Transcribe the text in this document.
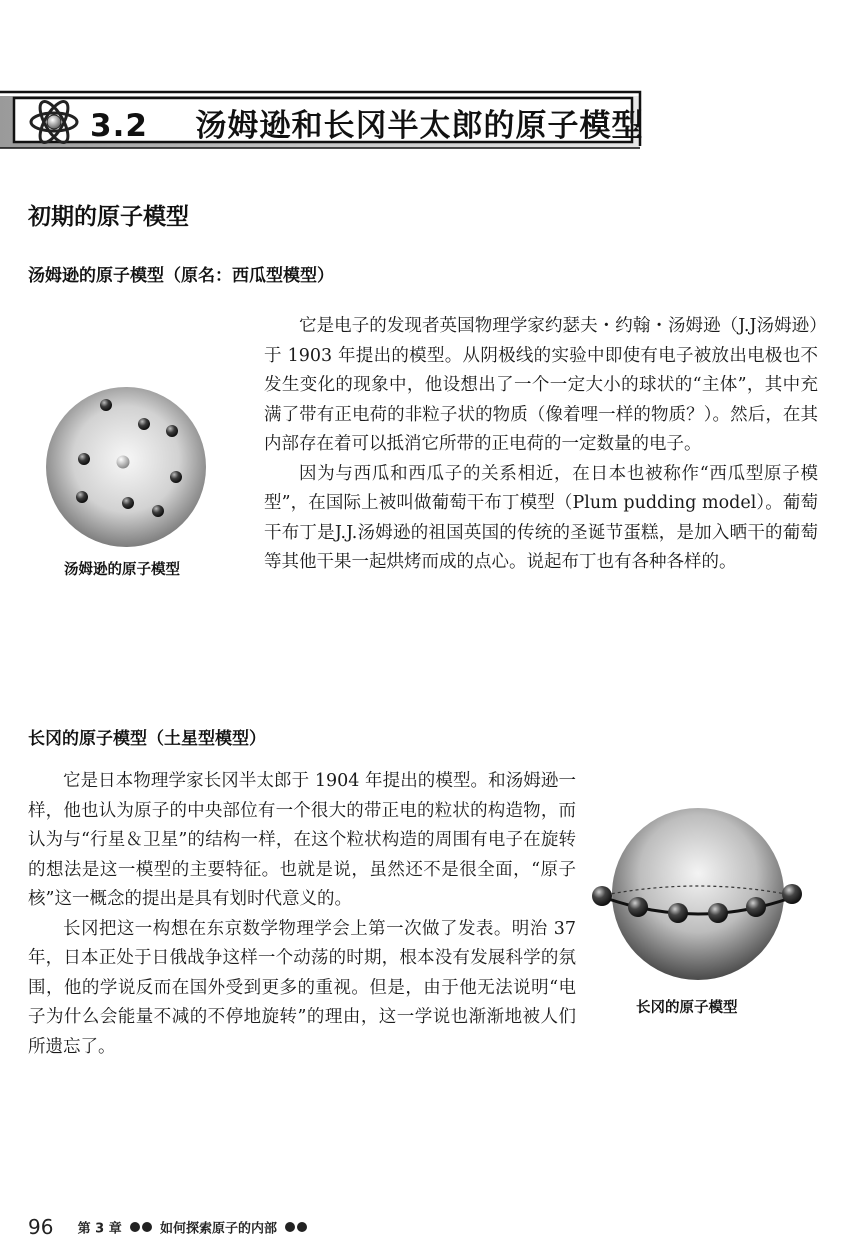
3.2 汤姆逊和长冈半太郎的原子模型
初期的原子模型
汤姆逊的原子模型（原名：西瓜型模型）
汤姆逊的原子模型

它是电子的发现者英国物理学家约瑟夫・约翰・汤姆逊（J.J汤姆逊）于 1903 年提出的模型。从阴极线的实验中即使有电子被放出电极也不发生变化的现象中，他设想出了一个一定大小的球状的“主体”，其中充满了带有正电荷的非粒子状的物质（像着哩一样的物质？）。然后，在其内部存在着可以抵消它所带的正电荷的一定数量的电子。

因为与西瓜和西瓜子的关系相近，在日本也被称作“西瓜型原子模型”，在国际上被叫做葡萄干布丁模型（Plum pudding model）。葡萄干布丁是J.J.汤姆逊的祖国英国的传统的圣诞节蛋糕，是加入晒干的葡萄等其他干果一起烘烤而成的点心。说起布丁也有各种各样的。

长冈的原子模型（土星型模型）

它是日本物理学家长冈半太郎于 1904 年提出的模型。和汤姆逊一样，他也认为原子的中央部位有一个很大的带正电的粒状的构造物，而认为与“行星＆卫星”的结构一样，在这个粒状构造的周围有电子在旋转的想法是这一模型的主要特征。也就是说，虽然还不是很全面，“原子核”这一概念的提出是具有划时代意义的。

长冈把这一构想在东京数学物理学会上第一次做了发表。明治 37 年，日本正处于日俄战争这样一个动荡的时期，根本没有发展科学的氛围，他的学说反而在国外受到更多的重视。但是，由于他无法说明“电子为什么会能量不减的不停地旋转”的理由，这一学说也渐渐地被人们所遗忘了。

长冈的原子模型
96 第 3 章	如何探索原子的内部
